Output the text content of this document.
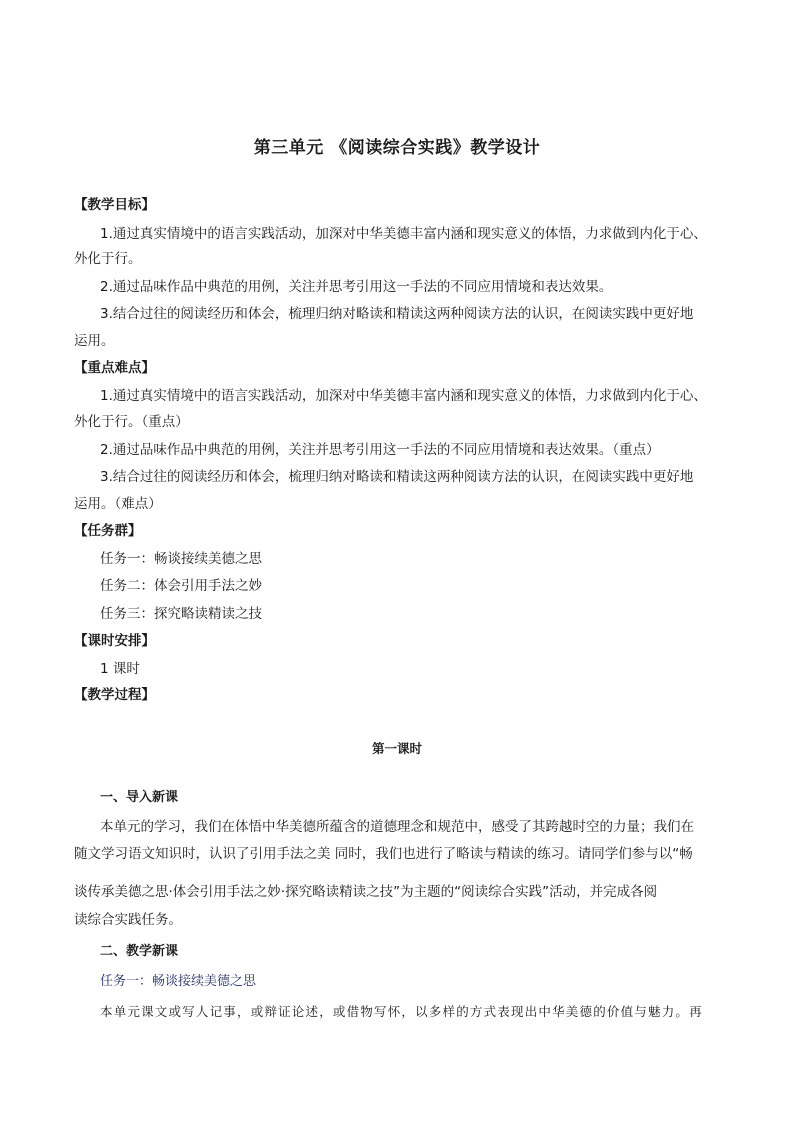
第三单元 《阅读综合实践》教学设计
【教学目标】
1.通过真实情境中的语言实践活动，加深对中华美德丰富内涵和现实意义的体悟，力求做到内化于心、
外化于行。
2.通过品味作品中典范的用例，关注并思考引用这一手法的不同应用情境和表达效果。
3.结合过往的阅读经历和体会，梳理归纳对略读和精读这两种阅读方法的认识，在阅读实践中更好地
运用。
【重点难点】
1.通过真实情境中的语言实践活动，加深对中华美德丰富内涵和现实意义的体悟，力求做到内化于心、
外化于行。（重点）
2.通过品味作品中典范的用例，关注并思考引用这一手法的不同应用情境和表达效果。（重点）
3.结合过往的阅读经历和体会，梳理归纳对略读和精读这两种阅读方法的认识，在阅读实践中更好地
运用。（难点）
【任务群】
任务一：畅谈接续美德之思
任务二：体会引用手法之妙
任务三：探究略读精读之技
【课时安排】
1 课时
【教学过程】
第一课时
一、导入新课
本单元的学习，我们在体悟中华美德所蕴含的道德理念和规范中，感受了其跨越时空的力量；我们在
随文学习语文知识时，认识了引用手法之美 同时，我们也进行了略读与精读的练习。请同学们参与以“畅
谈传承美德之思·体会引用手法之妙·探究略读精读之技”为主题的“阅读综合实践”活动，并完成各阅
读综合实践任务。
二、教学新课
任务一：畅谈接续美德之思
本单元课文或写人记事，或辩证论述，或借物写怀，以多样的方式表现出中华美德的价值与魅力。再
